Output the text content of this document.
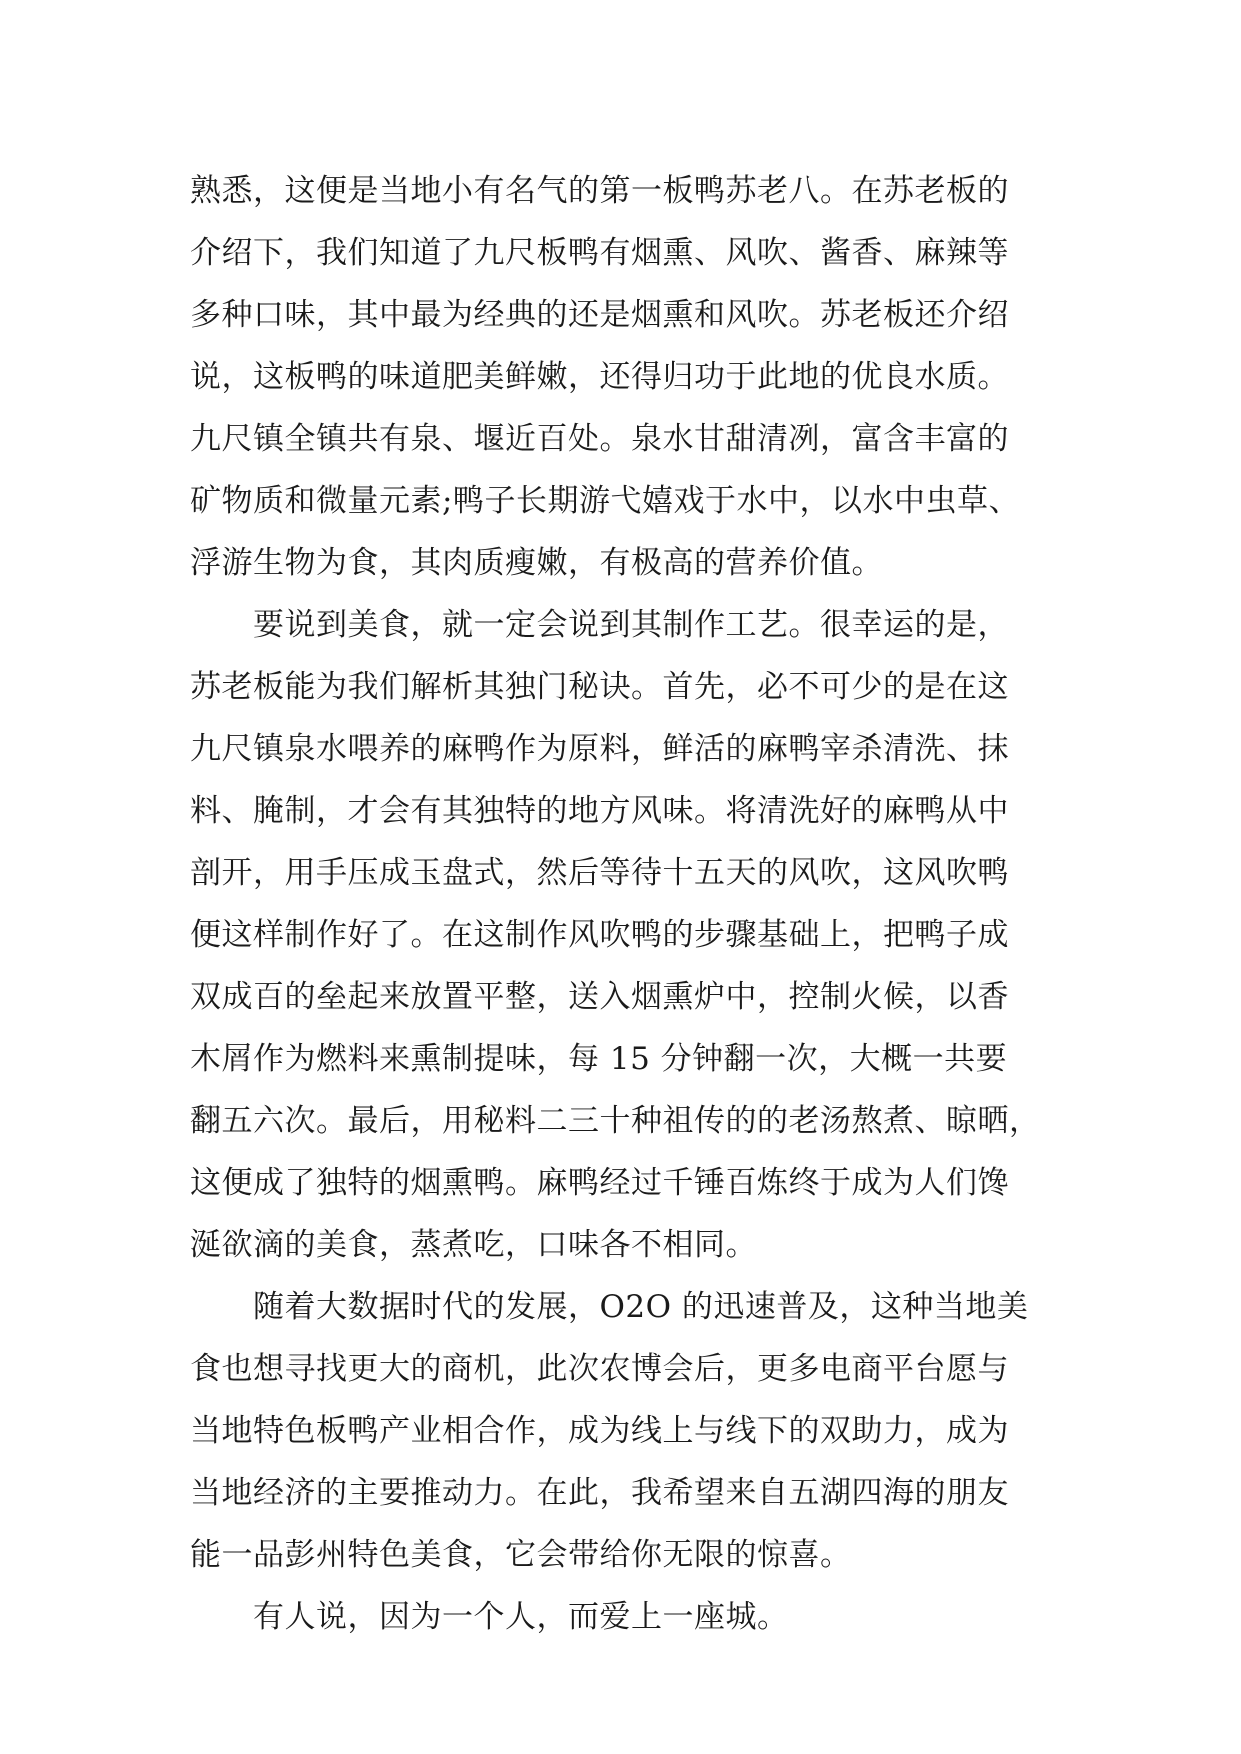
熟悉，这便是当地小有名气的第一板鸭苏老八。在苏老板的
介绍下，我们知道了九尺板鸭有烟熏、风吹、酱香、麻辣等
多种口味，其中最为经典的还是烟熏和风吹。苏老板还介绍
说，这板鸭的味道肥美鲜嫩，还得归功于此地的优良水质。
九尺镇全镇共有泉、堰近百处。泉水甘甜清冽，富含丰富的
矿物质和微量元素;鸭子长期游弋嬉戏于水中，以水中虫草、
浮游生物为食，其肉质瘦嫩，有极高的营养价值。
　　要说到美食，就一定会说到其制作工艺。很幸运的是，
苏老板能为我们解析其独门秘诀。首先，必不可少的是在这
九尺镇泉水喂养的麻鸭作为原料，鲜活的麻鸭宰杀清洗、抹
料、腌制，才会有其独特的地方风味。将清洗好的麻鸭从中
剖开，用手压成玉盘式，然后等待十五天的风吹，这风吹鸭
便这样制作好了。在这制作风吹鸭的步骤基础上，把鸭子成
双成百的垒起来放置平整，送入烟熏炉中，控制火候，以香
木屑作为燃料来熏制提味，每 15 分钟翻一次，大概一共要
翻五六次。最后，用秘料二三十种祖传的的老汤熬煮、晾晒，
这便成了独特的烟熏鸭。麻鸭经过千锤百炼终于成为人们馋
涎欲滴的美食，蒸煮吃，口味各不相同。
　　随着大数据时代的发展，O2O 的迅速普及，这种当地美
食也想寻找更大的商机，此次农博会后，更多电商平台愿与
当地特色板鸭产业相合作，成为线上与线下的双助力，成为
当地经济的主要推动力。在此，我希望来自五湖四海的朋友
能一品彭州特色美食，它会带给你无限的惊喜。
　　有人说，因为一个人，而爱上一座城。
